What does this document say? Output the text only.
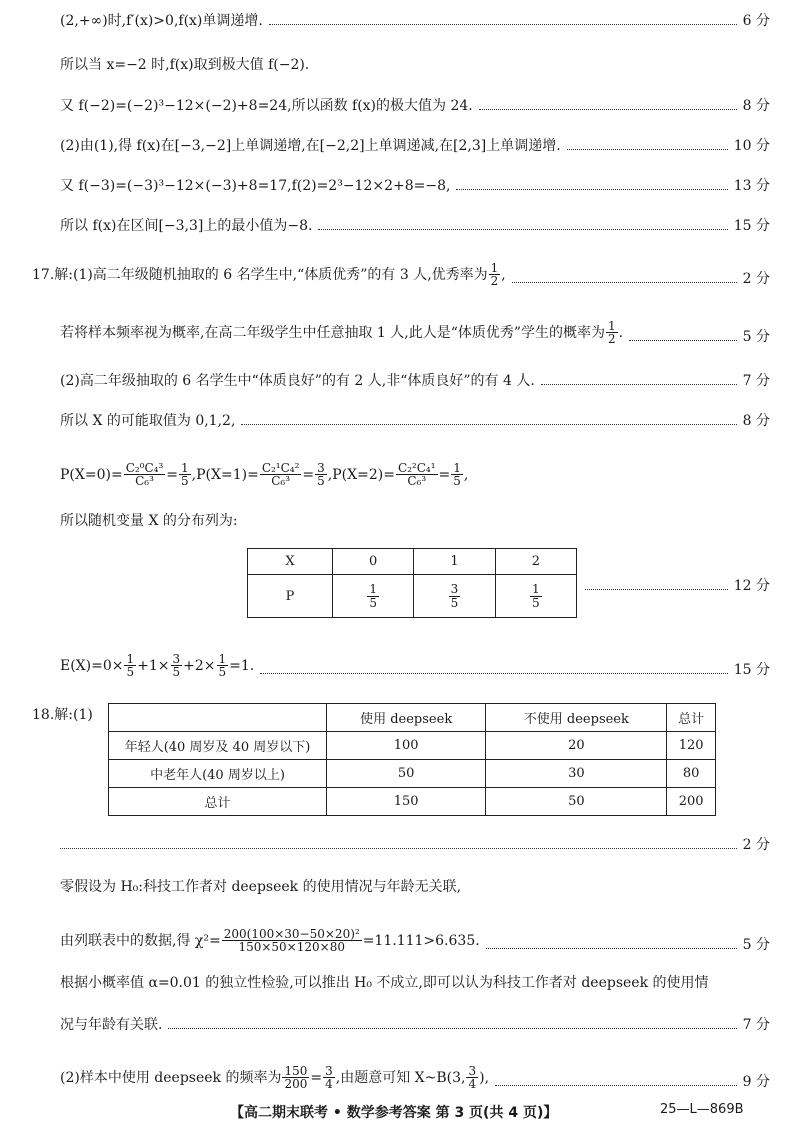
(2,+∞)时,f′(x)>0,f(x)单调递增.	6 分
所以当 x=−2 时,f(x)取到极大值 f(−2).
又 f(−2)=(−2)³−12×(−2)+8=24,所以函数 f(x)的极大值为 24.	8 分
(2)由(1),得 f(x)在[−3,−2]上单调递增,在[−2,2]上单调递减,在[2,3]上单调递增.	10 分
又 f(−3)=(−3)³−12×(−3)+8=17,f(2)=2³−12×2+8=−8,	13 分
所以 f(x)在区间[−3,3]上的最小值为−8.	15 分
17.解:(1)高二年级随机抽取的 6 名学生中,“体质优秀”的有 3 人,优秀率为 $\frac{1}{2}$ ,	2 分
若将样本频率视为概率,在高二年级学生中任意抽取 1 人,此人是“体质优秀”学生的概率为 $\frac{1}{2}$ .	5 分
(2)高二年级抽取的 6 名学生中“体质良好”的有 2 人,非“体质良好”的有 4 人.	7 分
所以 X 的可能取值为 0,1,2,	8 分
$P(X=0)= \frac{\text{C₂⁰C₄³}}{\text{C₆³}} = \frac{1}{5} ,P(X=1)= \frac{\text{C₂¹C₄²}}{\text{C₆³}} = \frac{3}{5} ,P(X=2)= \frac{\text{C₂²C₄¹}}{\text{C₆³}} = \frac{1}{5}$ ,
所以随机变量 X 的分布列为:
X	0	1	2
P	$\frac{1}{5}$	$\frac{3}{5}$	$\frac{1}{5}$	12 分
$E(X)=0\times \frac{1}{5} +1\times \frac{3}{5} +2\times \frac{1}{5} =1$.	15 分
18.解:(1)
		使用 deepseek	不使用 deepseek	总计
年轻人(40 周岁及 40 周岁以下)	100	20	120
中老年人(40 周岁以上)	50	30	80
总计	150	50	200
2 分
零假设为 H₀:科技工作者对 deepseek 的使用情况与年龄无关联,
由列联表中的数据,得 $\chi^2= \frac{\text{200(100×30−50×20)²}}{150\times 50\times 120\times 80} =11.111>6.635$.	5 分
根据小概率值 α=0.01 的独立性检验,可以推出 H₀ 不成立,即可以认为科技工作者对 deepseek 的使用情
况与年龄有关联.	7 分
(2)样本中使用 deepseek 的频率为 $\frac{150}{200} = \frac{3}{4}$ ,由题意可知 X~B(3, $\frac{3}{4}$ ),	9 分
【高二期末联考 • 数学参考答案 第 3 页(共 4 页)】	25—L—869B
